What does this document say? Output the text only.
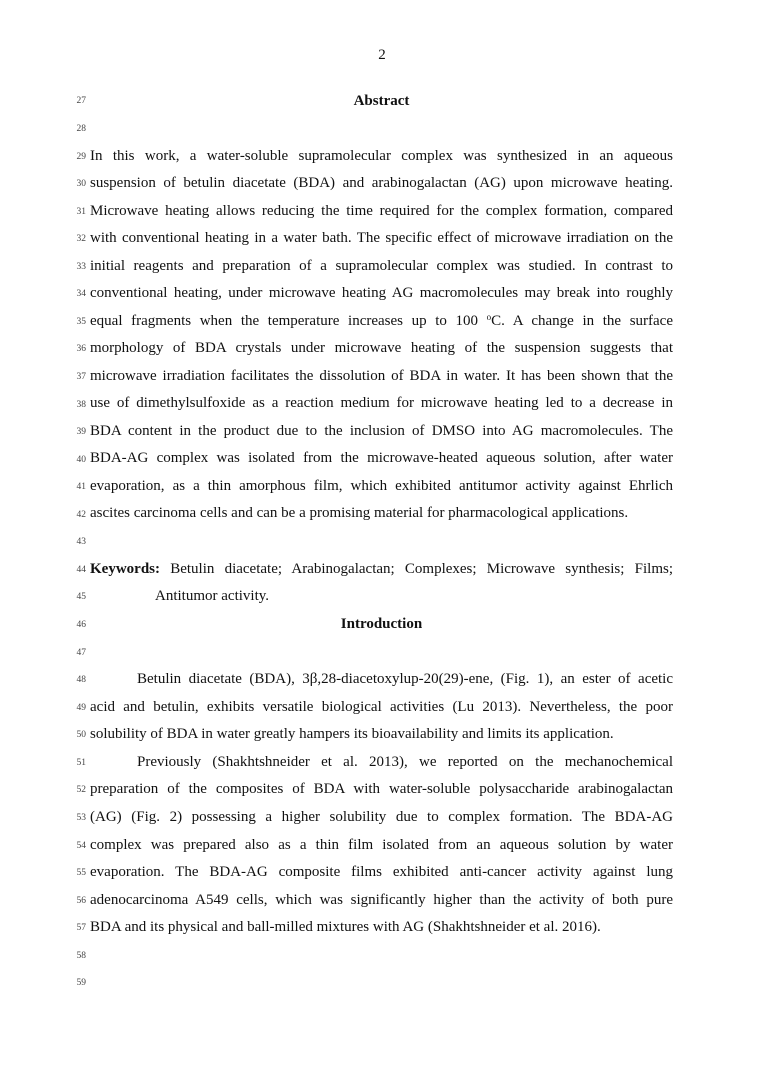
2
27
28
29
30
31
32
33
34
35
36
37
38
39
40
41
42
43
44
45
46
47
48
49
50
51
52
53
54
55
56
57
58
59
Abstract
In this work, a water-soluble supramolecular complex was synthesized in an aqueous
suspension of betulin diacetate (BDA) and arabinogalactan (AG) upon microwave heating.
Microwave heating allows reducing the time required for the complex formation, compared
with conventional heating in a water bath. The specific effect of microwave irradiation on the
initial reagents and preparation of a supramolecular complex was studied. In contrast to
conventional heating, under microwave heating AG macromolecules may break into roughly
equal fragments when the temperature increases up to 100 $^o$C. A change in the surface
morphology of BDA crystals under microwave heating of the suspension suggests that
microwave irradiation facilitates the dissolution of BDA in water. It has been shown that the
use of dimethylsulfoxide as a reaction medium for microwave heating led to a decrease in
BDA content in the product due to the inclusion of DMSO into AG macromolecules. The
BDA-AG complex was isolated from the microwave-heated aqueous solution, after water
evaporation, as a thin amorphous film, which exhibited antitumor activity against Ehrlich
ascites carcinoma cells and can be a promising material for pharmacological applications.
Keywords: Betulin diacetate; Arabinogalactan; Complexes; Microwave synthesis; Films;
Antitumor activity.
Introduction
Betulin diacetate (BDA), 3β,28-diacetoxylup-20(29)-ene, (Fig. 1), an ester of acetic
acid and betulin, exhibits versatile biological activities (Lu 2013). Nevertheless, the poor
solubility of BDA in water greatly hampers its bioavailability and limits its application.
Previously (Shakhtshneider et al. 2013), we reported on the mechanochemical
preparation of the composites of BDA with water-soluble polysaccharide arabinogalactan
(AG) (Fig. 2) possessing a higher solubility due to complex formation. The BDA-AG
complex was prepared also as a thin film isolated from an aqueous solution by water
evaporation. The BDA-AG composite films exhibited anti-cancer activity against lung
adenocarcinoma A549 cells, which was significantly higher than the activity of both pure
BDA and its physical and ball-milled mixtures with AG (Shakhtshneider et al. 2016).
